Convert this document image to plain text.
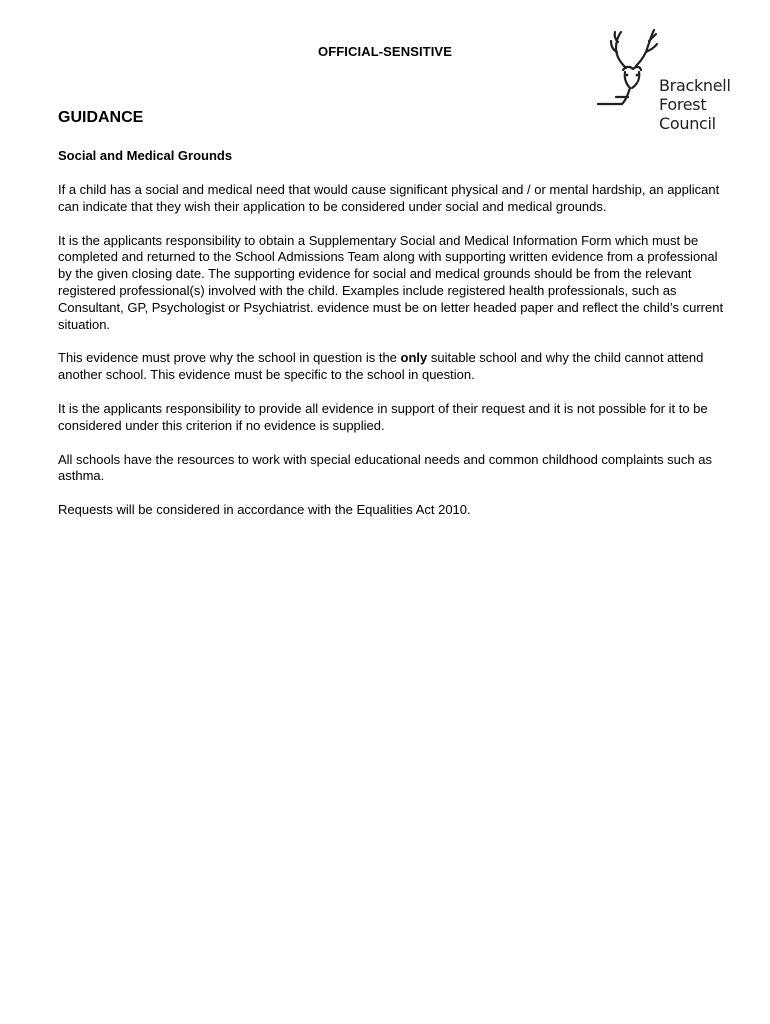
OFFICIAL-SENSITIVE
Bracknell
Forest
Council
GUIDANCE
Social and Medical Grounds

If a child has a social and medical need that would cause significant physical and / or mental hardship, an applicant can indicate that they wish their application to be considered under social and medical grounds.

It is the applicants responsibility to obtain a Supplementary Social and Medical Information Form which must be completed and returned to the School Admissions Team along with supporting written evidence from a professional by the given closing date. The supporting evidence for social and medical grounds should be from the relevant registered professional(s) involved with the child. Examples include registered health professionals, such as Consultant, GP, Psychologist or Psychiatrist. evidence must be on letter headed paper and reflect the child’s current situation.

This evidence must prove why the school in question is the only suitable school and why the child cannot attend another school. This evidence must be specific to the school in question.

It is the applicants responsibility to provide all evidence in support of their request and it is not possible for it to be considered under this criterion if no evidence is supplied.

All schools have the resources to work with special educational needs and common childhood complaints such as asthma.

Requests will be considered in accordance with the Equalities Act 2010.
